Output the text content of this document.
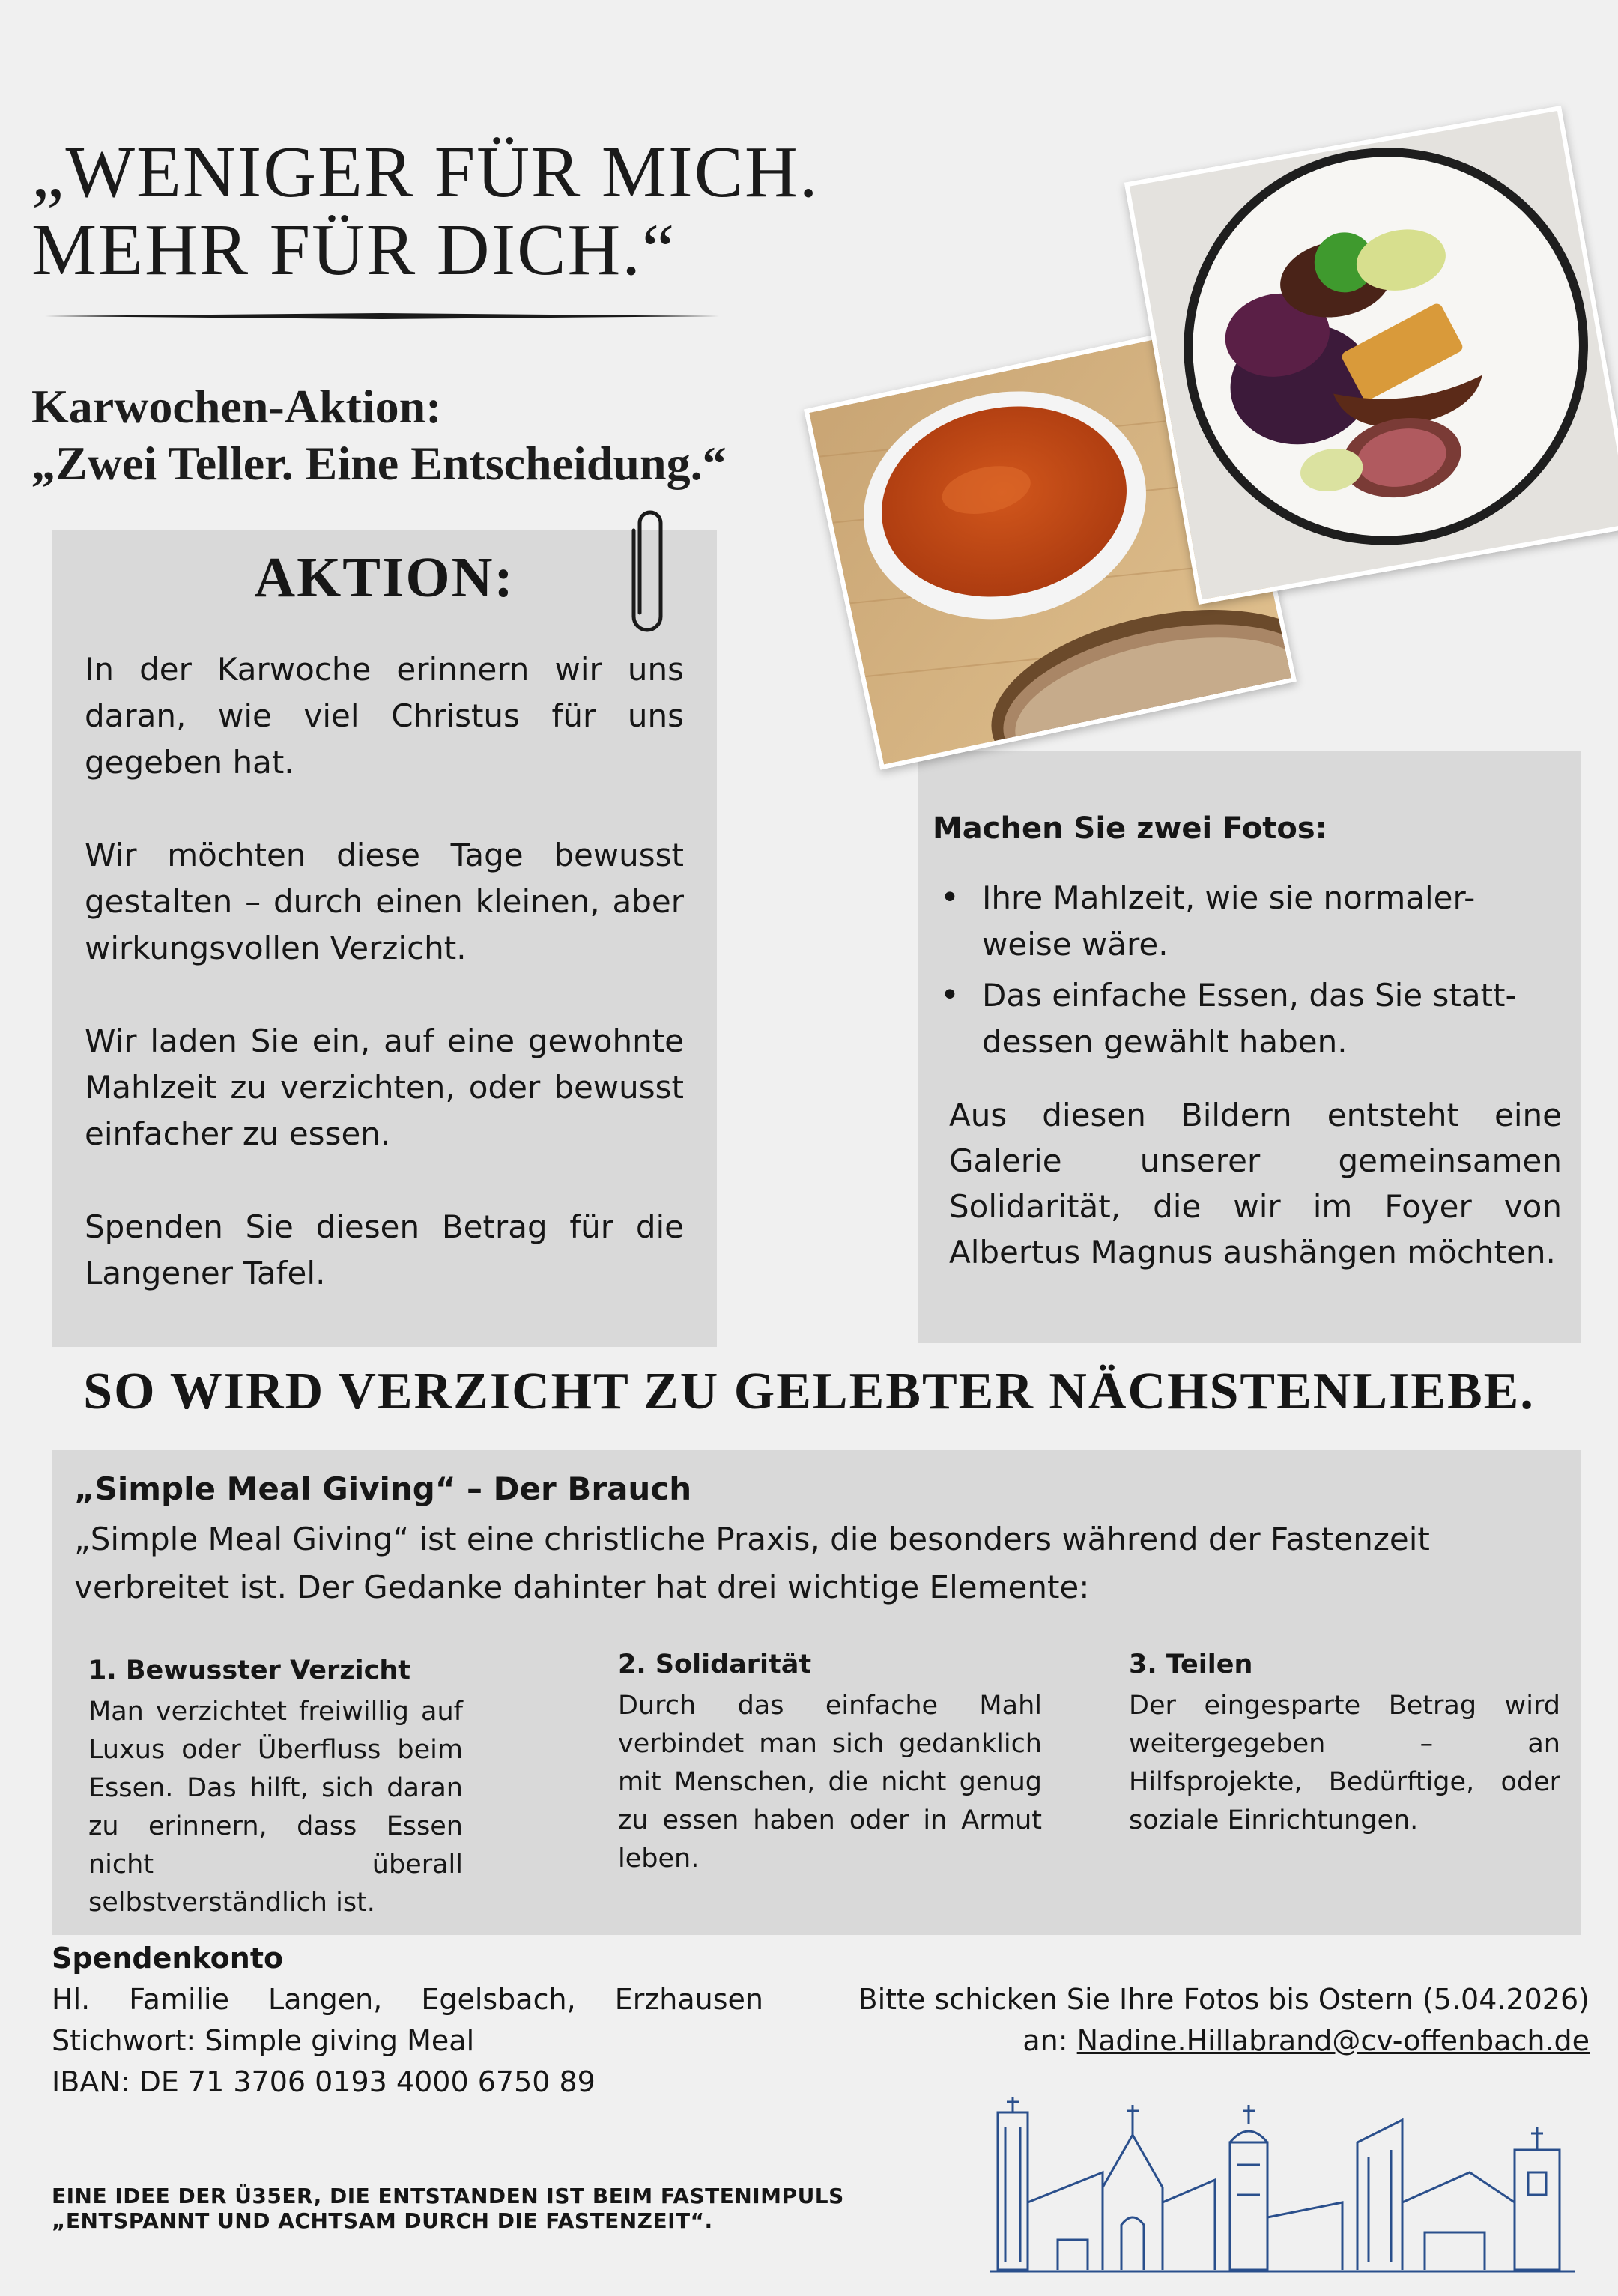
„WENIGER FÜR MICH.
MEHR FÜR DICH.“
Karwochen-Aktion:
„Zwei Teller. Eine Entscheidung.“
AKTION:

In der Karwoche erinnern wir uns daran, wie viel Christus für uns gegeben hat.

Wir möchten diese Tage bewusst gestalten – durch einen kleinen, aber wirkungsvollen Verzicht.

Wir laden Sie ein, auf eine gewohnte Mahlzeit zu verzichten, oder bewusst einfacher zu essen.

Spenden Sie diesen Betrag für die Langener Tafel.

Machen Sie zwei Fotos:
• Ihre Mahlzeit, wie sie normaler-weise wäre.
• Das einfache Essen, das Sie statt-dessen gewählt haben.
Aus diesen Bildern entsteht eine Galerie unserer gemeinsamen Solidarität, die wir im Foyer von Albertus Magnus aushängen möchten.
SO WIRD VERZICHT ZU GELEBTER NÄCHSTENLIEBE.
„Simple Meal Giving“ – Der Brauch
„Simple Meal Giving“ ist eine christliche Praxis, die besonders während der Fastenzeit verbreitet ist. Der Gedanke dahinter hat drei wichtige Elemente:
1. Bewusster Verzicht
Man verzichtet freiwillig auf Luxus oder Überfluss beim Essen. Das hilft, sich daran zu erinnern, dass Essen nicht überall selbstverständlich ist.
2. Solidarität
Durch das einfache Mahl verbindet man sich gedanklich mit Menschen, die nicht genug zu essen haben oder in Armut leben.
3. Teilen
Der eingesparte Betrag wird weitergegeben – an Hilfsprojekte, Bedürftige, oder soziale Einrichtungen.
Spendenkonto
Hl. Familie Langen, Egelsbach, Erzhausen
Stichwort: Simple giving Meal
IBAN: DE 71 3706 0193 4000 6750 89
Bitte schicken Sie Ihre Fotos bis Ostern (5.04.2026)
an: Nadine.Hillabrand@cv-offenbach.de
EINE IDEE DER Ü35ER, DIE ENTSTANDEN IST BEIM FASTENIMPULS
„ENTSPANNT UND ACHTSAM DURCH DIE FASTENZEIT“.
